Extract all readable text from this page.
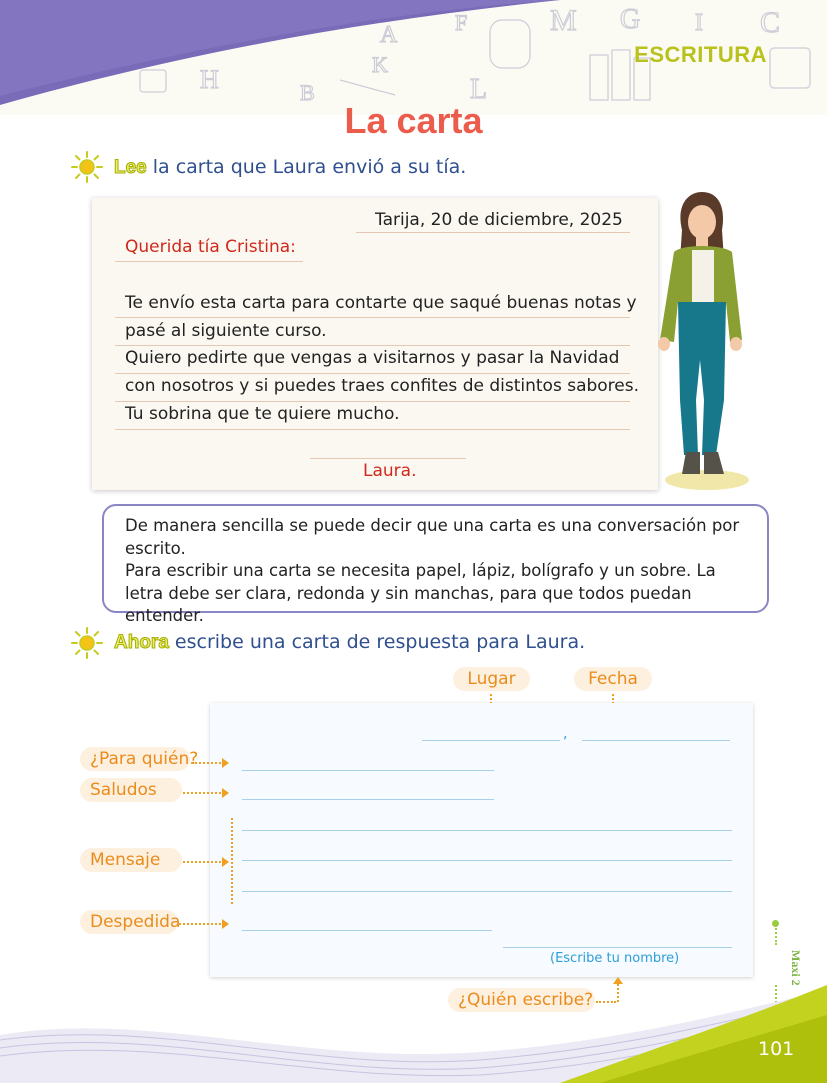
H	B
K
A	F
L
M G I C
ESCRITURA
La carta
Lee la carta que Laura envió a su tía.
Tarija, 20 de diciembre, 2025
Querida tía Cristina:
Te envío esta carta para contarte que saqué buenas notas y
pasé al siguiente curso.
Quiero pedirte que vengas a visitarnos y pasar la Navidad
con nosotros y si puedes traes confites de distintos sabores.
Tu sobrina que te quiere mucho.
Laura.
De manera sencilla se puede decir que una carta es una conversación por escrito.
Para escribir una carta se necesita papel, lápiz, bolígrafo y un sobre. La letra debe ser clara, redonda y sin manchas, para que todos puedan entender.
Ahora escribe una carta de respuesta para Laura.
Lugar	Fecha
,
(Escribe tu nombre)
¿Para quién?
Saludos
Mensaje
Despedida
¿Quién escribe?
Maxi 2
101
